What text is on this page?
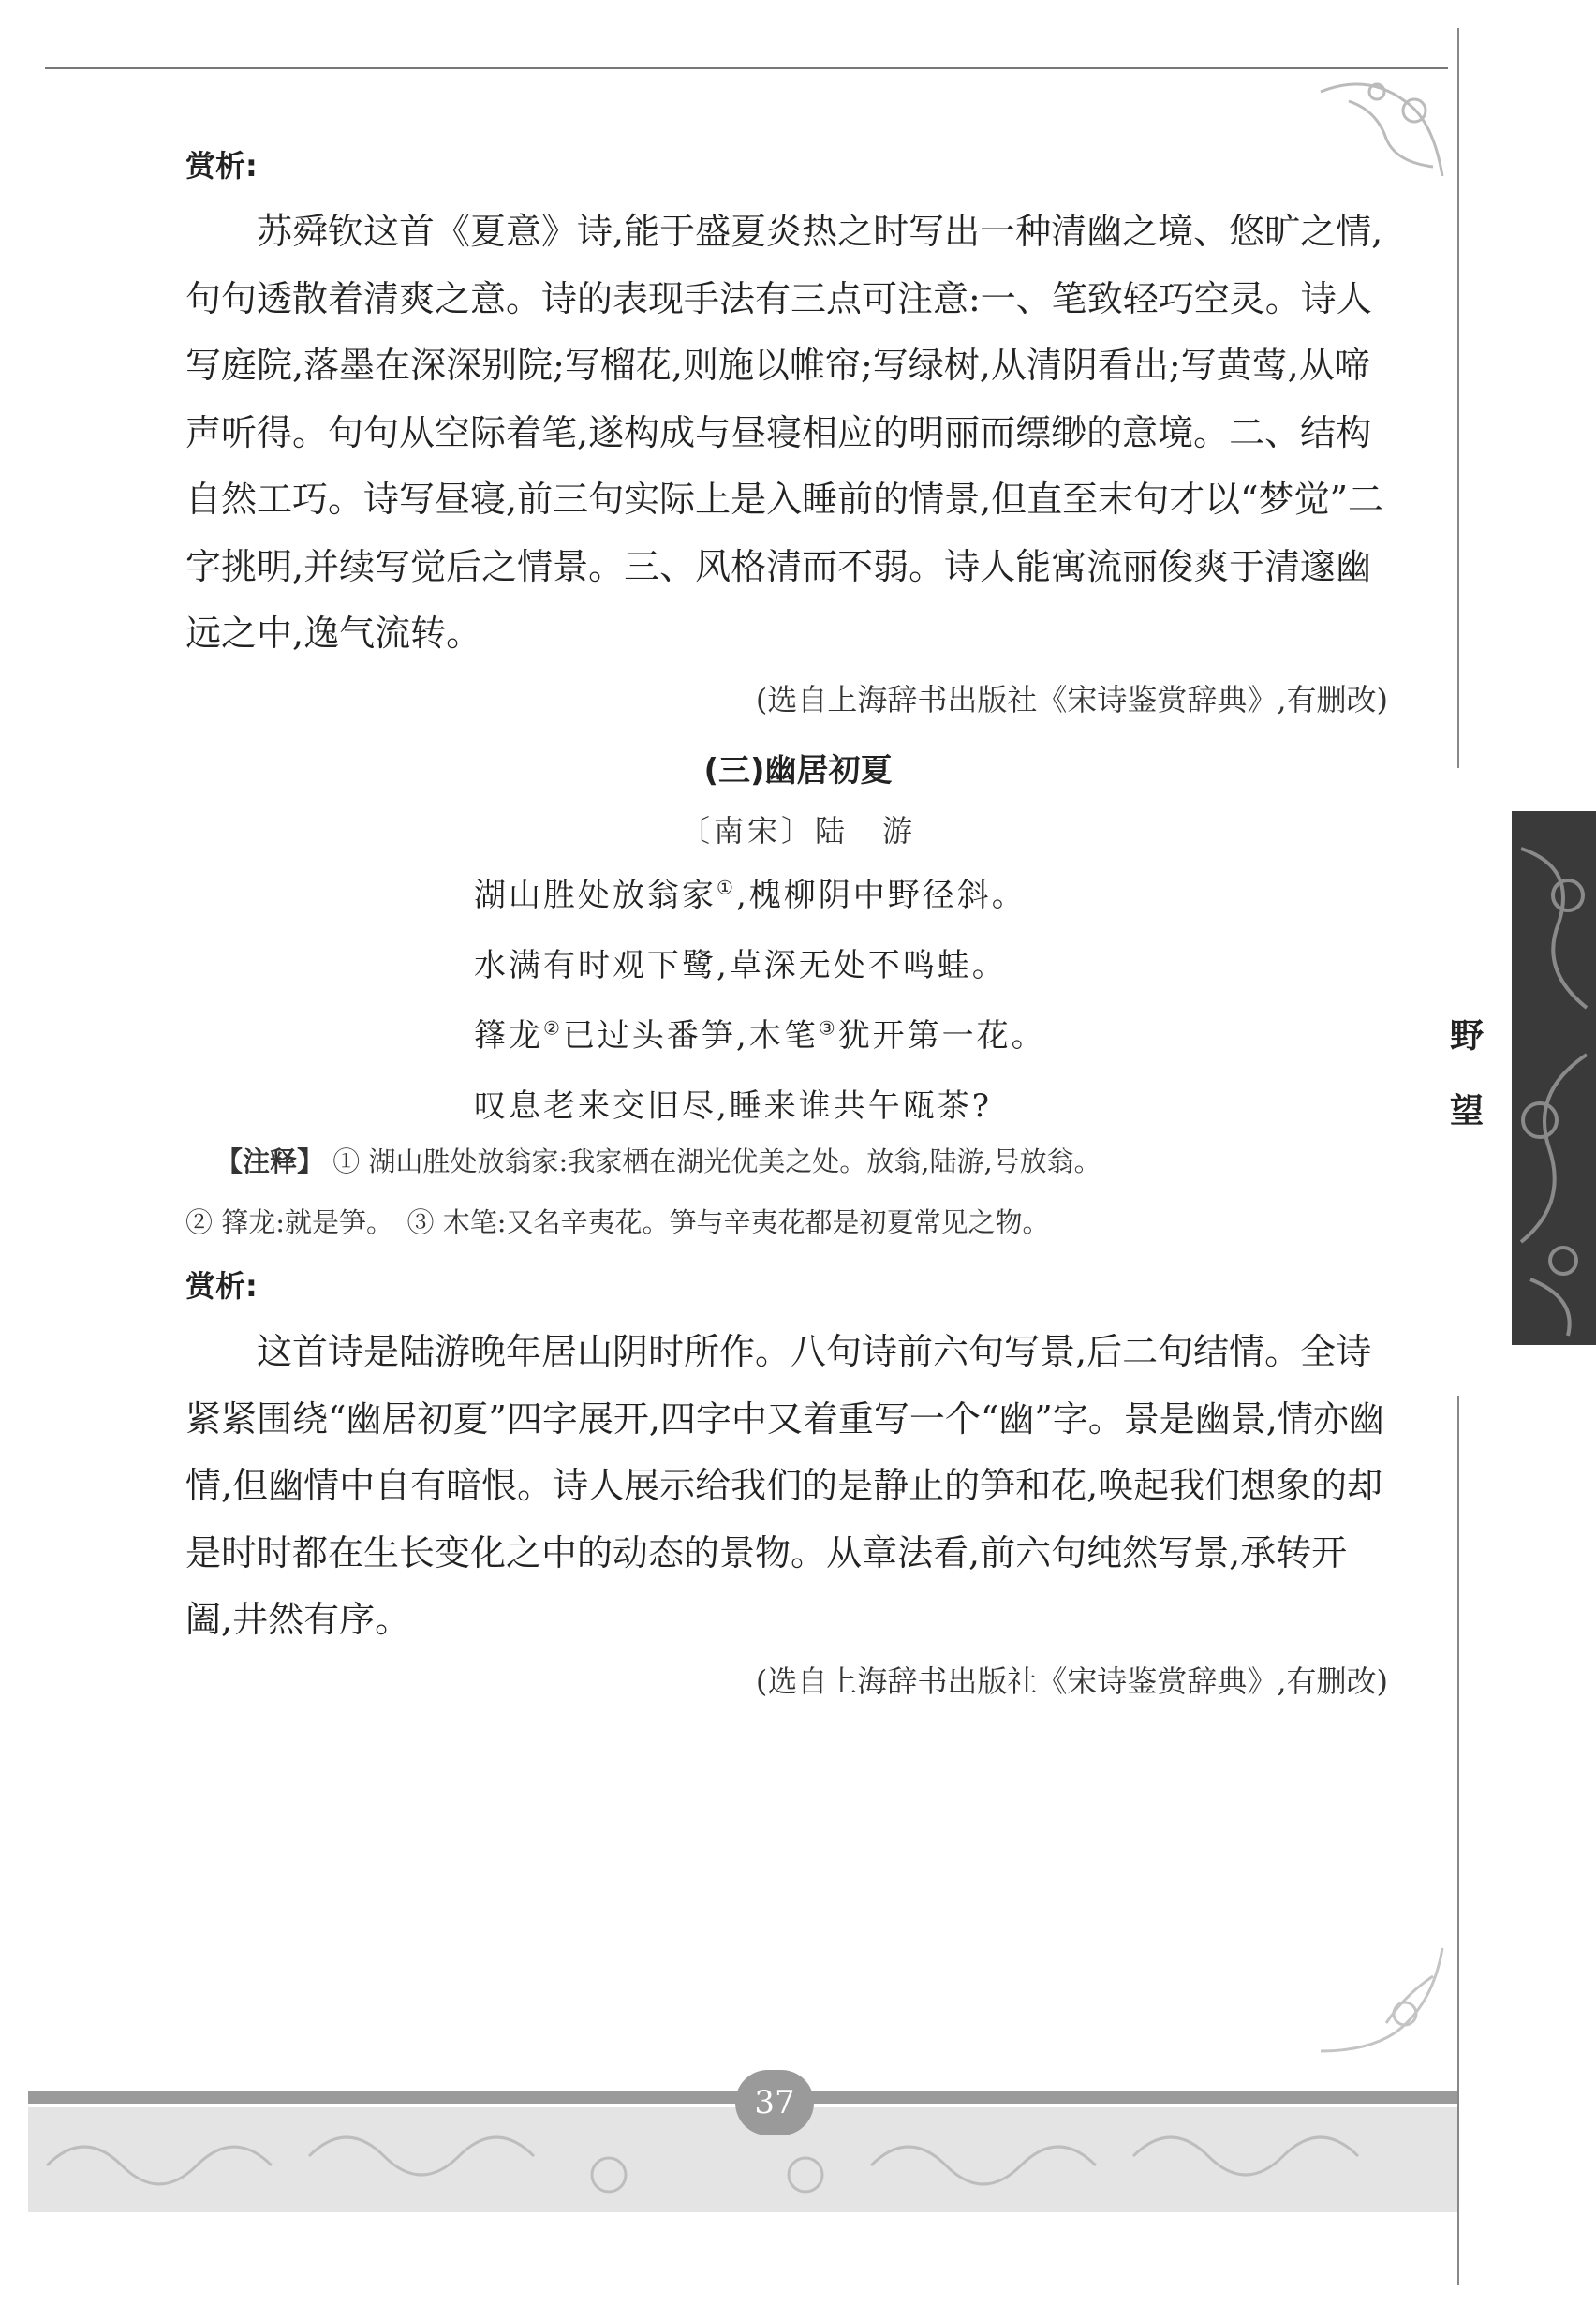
野
望
赏析:

苏舜钦这首《夏意》诗,能于盛夏炎热之时写出一种清幽之境、悠旷之情,句句透散着清爽之意。诗的表现手法有三点可注意:一、笔致轻巧空灵。诗人写庭院,落墨在深深别院;写榴花,则施以帷帘;写绿树,从清阴看出;写黄莺,从啼声听得。句句从空际着笔,遂构成与昼寝相应的明丽而缥缈的意境。二、结构自然工巧。诗写昼寝,前三句实际上是入睡前的情景,但直至末句才以“梦觉”二字挑明,并续写觉后之情景。三、风格清而不弱。诗人能寓流丽俊爽于清邃幽远之中,逸气流转。

(选自上海辞书出版社《宋诗鉴赏辞典》,有删改)
(三)幽居初夏
〔南宋〕陆　游
湖山胜处放翁家①,槐柳阴中野径斜。
水满有时观下鹭,草深无处不鸣蛙。
箨龙②已过头番笋,木笔③犹开第一花。
叹息老来交旧尽,睡来谁共午瓯茶?
【注释】 ① 湖山胜处放翁家:我家栖在湖光优美之处。放翁,陆游,号放翁。
② 箨龙:就是笋。　③ 木笔:又名辛夷花。笋与辛夷花都是初夏常见之物。
赏析:

这首诗是陆游晚年居山阴时所作。八句诗前六句写景,后二句结情。全诗紧紧围绕“幽居初夏”四字展开,四字中又着重写一个“幽”字。景是幽景,情亦幽情,但幽情中自有暗恨。诗人展示给我们的是静止的笋和花,唤起我们想象的却是时时都在生长变化之中的动态的景物。从章法看,前六句纯然写景,承转开阖,井然有序。

(选自上海辞书出版社《宋诗鉴赏辞典》,有删改)
37
